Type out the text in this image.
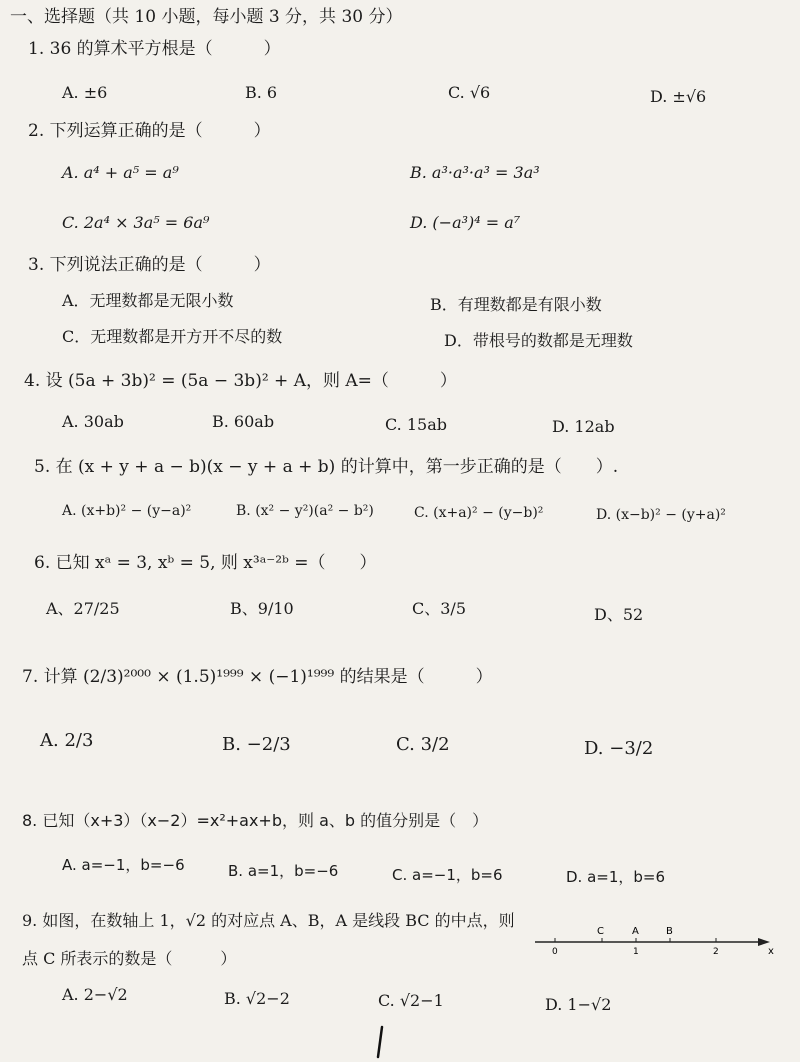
一、选择题（共 10 小题，每小题 3 分，共 30 分）
1. 36 的算术平方根是（　　　）
A. ±6	B. 6	C. √6	D. ±√6
2. 下列运算正确的是（　　　）
A. a⁴ + a⁵ = a⁹	B. a³·a³·a³ = 3a³
C. 2a⁴ × 3a⁵ = 6a⁹	D. (−a³)⁴ = a⁷
3. 下列说法正确的是（　　　）
A．无理数都是无限小数	B．有理数都是有限小数
C．无理数都是开方开不尽的数	D．带根号的数都是无理数
4. 设 (5a + 3b)² = (5a − 3b)² + A，则 A=（　　　）
A. 30ab	B. 60ab	C. 15ab	D. 12ab
5. 在 (x + y + a − b)(x − y + a + b) 的计算中，第一步正确的是（　　）.
A. (x+b)² − (y−a)²	B. (x² − y²)(a² − b²)	C. (x+a)² − (y−b)²	D. (x−b)² − (y+a)²
6. 已知 xᵃ = 3, xᵇ = 5, 则 x³ᵃ⁻²ᵇ =（　　）
A、27/25	B、9/10	C、3/5	D、52
7. 计算 (2/3)²⁰⁰⁰ × (1.5)¹⁹⁹⁹ × (−1)¹⁹⁹⁹ 的结果是（　　　）
A. 2/3	B. −2/3	C. 3/2	D. −3/2
8. 已知（x+3）（x−2）=x²+ax+b，则 a、b 的值分别是（　）
A. a=−1，b=−6	B. a=1，b=−6	C. a=−1，b=6	D. a=1，b=6
9. 如图，在数轴上 1，√2 的对应点 A、B，A 是线段 BC 的中点，则点 C 所表示的数是（　　　）
A. 2−√2	B. √2−2	C. √2−1	D. 1−√2
C	A	B
0	1	2	x
